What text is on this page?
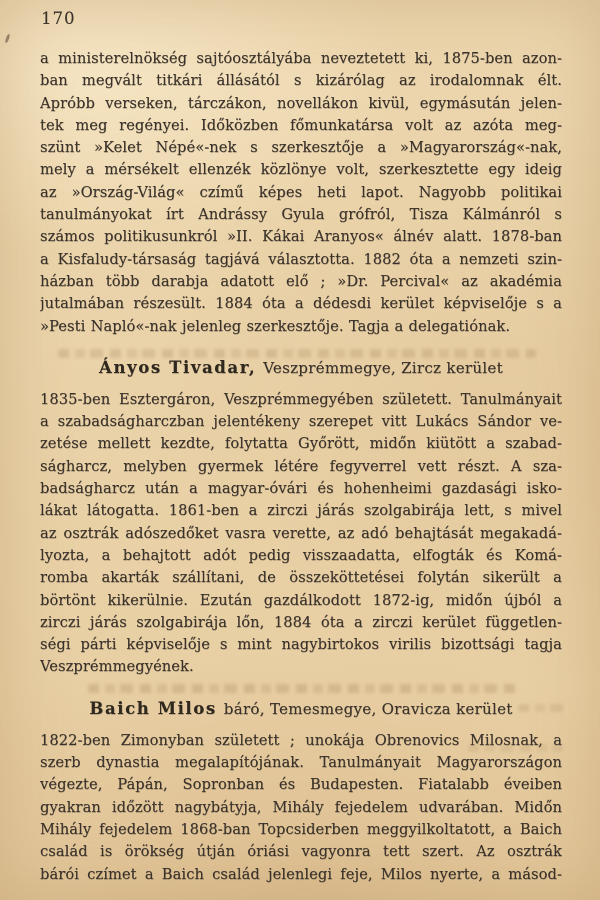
170
a ministerelnökség sajtóosztályába neveztetett ki, 1875-ben azon-
ban megvált titkári állásától s kizárólag az irodalomnak élt.
Apróbb verseken, tárczákon, novellákon kivül, egymásután jelen-
tek meg regényei. Időközben főmunkatársa volt az azóta meg-
szünt »Kelet Népé«-nek s szerkesztője a »Magyarország«-nak,
mely a mérsékelt ellenzék közlönye volt, szerkesztette egy ideig
az »Ország-Világ« czímű képes heti lapot. Nagyobb politikai
tanulmányokat írt Andrássy Gyula grófról, Tisza Kálmánról s
számos politikusunkról »II. Kákai Aranyos« álnév alatt. 1878-ban
a Kisfaludy-társaság tagjává választotta. 1882 óta a nemzeti szin-
házban több darabja adatott elő ; »Dr. Percival« az akadémia
jutalmában részesült. 1884 óta a dédesdi kerület képviselője s a
»Pesti Napló«-nak jelenleg szerkesztője. Tagja a delegatiónak.
Ányos Tivadar, Veszprémmegye, Zircz kerület
1835-ben Esztergáron, Veszprémmegyében született. Tanulmányait
a szabadságharczban jelentékeny szerepet vitt Lukács Sándor ve-
zetése mellett kezdte, folytatta Győrött, midőn kiütött a szabad-
ságharcz, melyben gyermek létére fegyverrel vett részt. A sza-
badságharcz után a magyar-óvári és hohenheimi gazdasági isko-
lákat látogatta. 1861-ben a zirczi járás szolgabirája lett, s mivel
az osztrák adószedőket vasra verette, az adó behajtását megakadá-
lyozta, a behajtott adót pedig visszaadatta, elfogták és Komá-
romba akarták szállítani, de összeköttetései folytán sikerült a
börtönt kikerülnie. Ezután gazdálkodott 1872-ig, midőn újból a
zirczi járás szolgabirája lőn, 1884 óta a zirczi kerület független-
ségi párti képviselője s mint nagybirtokos virilis bizottsági tagja
Veszprémmegyének.
Baich Milos báró, Temesmegye, Oravicza kerület
1822-ben Zimonyban született ; unokája Obrenovics Milosnak, a
szerb dynastia megalapítójának. Tanulmányait Magyarországon
végezte, Pápán, Sopronban és Budapesten. Fiatalabb éveiben
gyakran időzött nagybátyja, Mihály fejedelem udvarában. Midőn
Mihály fejedelem 1868-ban Topcsiderben meggyilkoltatott, a Baich
család is örökség útján óriási vagyonra tett szert. Az osztrák
bárói czímet a Baich család jelenlegi feje, Milos nyerte, a másod-
